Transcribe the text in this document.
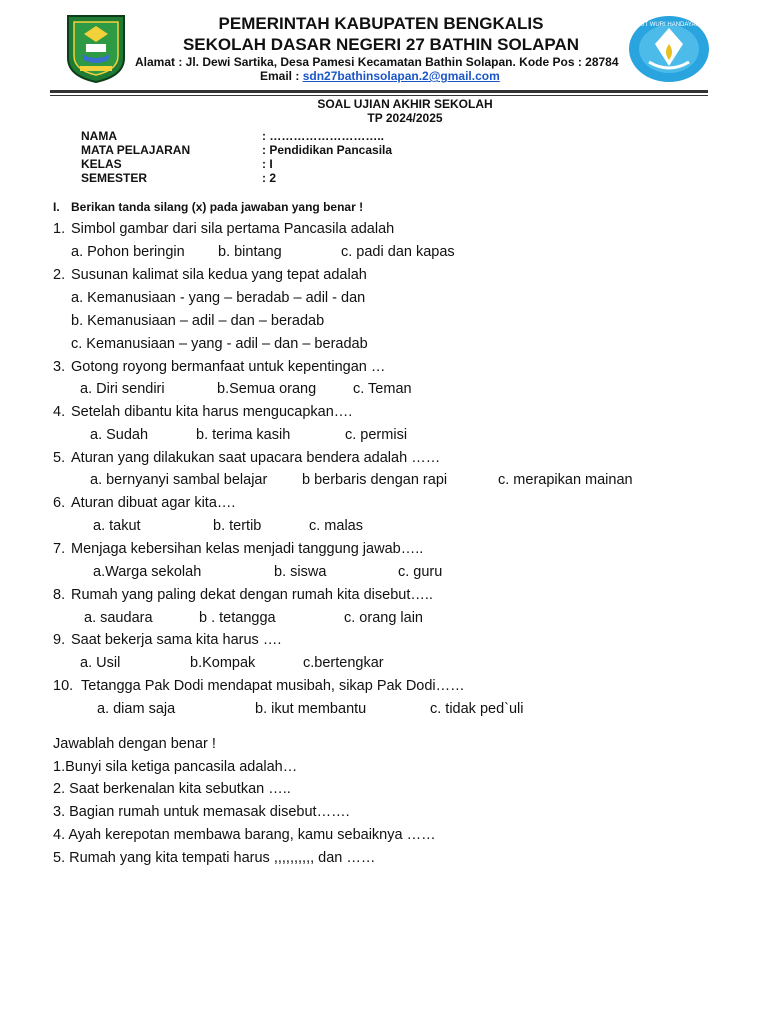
TUT WURI HANDAYANI
PEMERINTAH KABUPATEN BENGKALIS
SEKOLAH DASAR NEGERI 27 BATHIN SOLAPAN
Alamat : Jl. Dewi Sartika, Desa Pamesi Kecamatan Bathin Solapan. Kode Pos : 28784
Email : sdn27bathinsolapan.2@gmail.com
SOAL UJIAN AKHIR SEKOLAH
TP 2024/2025
NAMA	: ………………………..
MATA PELAJARAN	: Pendidikan Pancasila
KELAS	: I
SEMESTER	: 2
I. Berikan tanda silang (x) pada jawaban yang benar !
1. Simbol gambar dari sila pertama Pancasila adalah
a. Pohon beringin b. bintang	c. padi dan kapas
2. Susunan kalimat sila kedua yang tepat adalah
a. Kemanusiaan - yang – beradab – adil - dan
b. Kemanusiaan – adil – dan – beradab
c. Kemanusiaan – yang - adil – dan – beradab
3. Gotong royong bermanfaat untuk kepentingan …
a. Diri sendiri	b.Semua orang	c. Teman
4. Setelah dibantu kita harus mengucapkan….
a. Sudah	b. terima kasih	c. permisi
5. Aturan yang dilakukan saat upacara bendera adalah ……
a. bernyanyi sambal belajar b berbaris dengan rapi	c. merapikan mainan
6. Aturan dibuat agar kita….
a. takut	b. tertib	c. malas
7. Menjaga kebersihan kelas menjadi tanggung jawab…..
a.Warga sekolah	b. siswa	c. guru
8. Rumah yang paling dekat dengan rumah kita disebut…..
a. saudara	b . tetangga	c. orang lain
9. Saat bekerja sama kita harus ….
a. Usil	b.Kompak	c.bertengkar
10. Tetangga Pak Dodi mendapat musibah, sikap Pak Dodi……
a. diam saja	b. ikut membantu	c. tidak ped`uli
Jawablah dengan benar !
1.Bunyi sila ketiga pancasila adalah…
2. Saat berkenalan kita sebutkan …..
3. Bagian rumah untuk memasak disebut…….
4. Ayah kerepotan membawa barang, kamu sebaiknya ……
5. Rumah yang kita tempati harus ,,,,,,,,,, dan ……
